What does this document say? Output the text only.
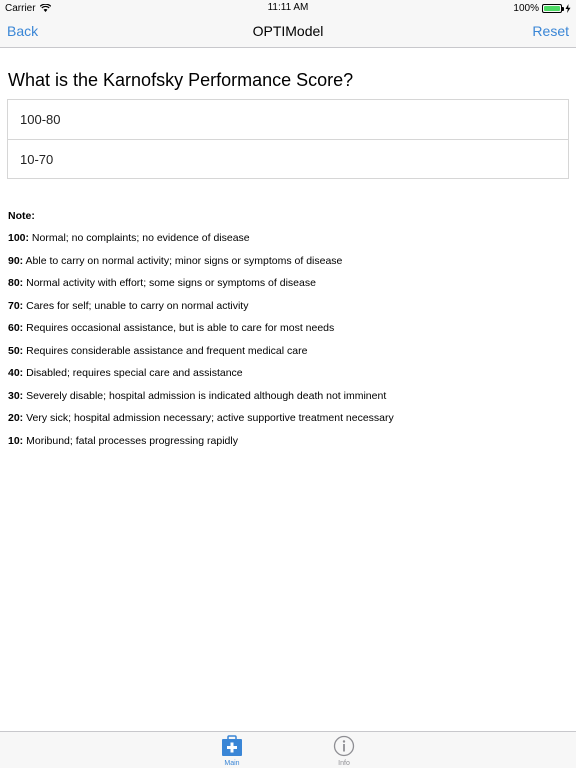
Carrier	11:11 AM	100%
Back	OPTIModel	Reset
What is the Karnofsky Performance Score?
100-80
10-70
Note:
100: Normal; no complaints; no evidence of disease
90: Able to carry on normal activity; minor signs or symptoms of disease
80: Normal activity with effort; some signs or symptoms of disease
70: Cares for self; unable to carry on normal activity
60: Requires occasional assistance, but is able to care for most needs
50: Requires considerable assistance and frequent medical care
40: Disabled; requires special care and assistance
30: Severely disable; hospital admission is indicated although death not imminent
20: Very sick; hospital admission necessary; active supportive treatment necessary
10: Moribund; fatal processes progressing rapidly
Main	Info
